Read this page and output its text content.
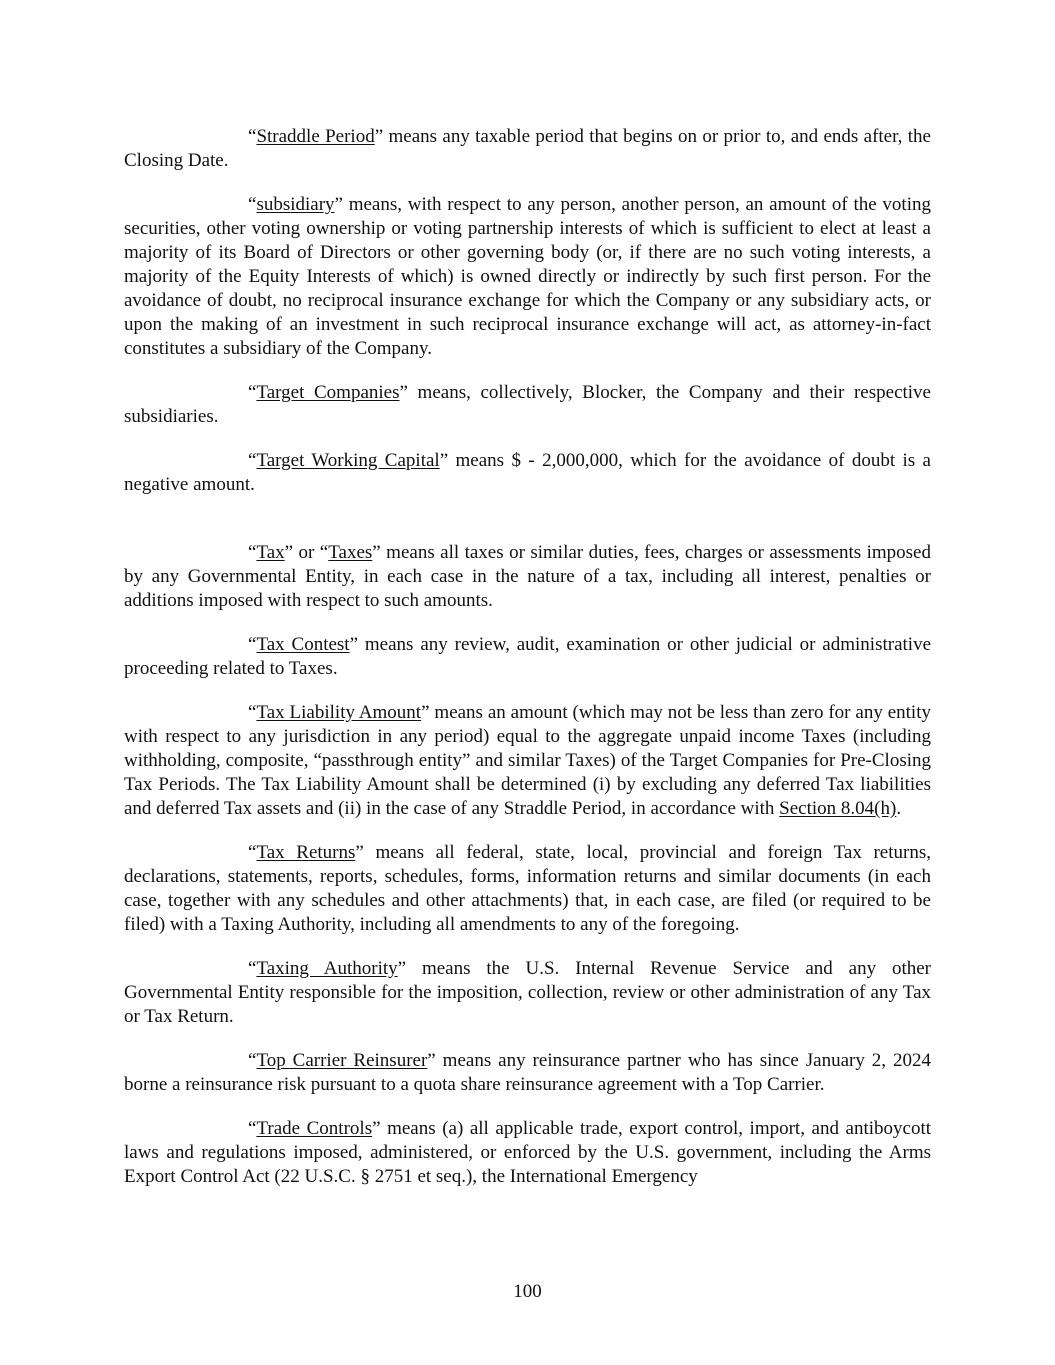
“Straddle Period” means any taxable period that begins on or prior to, and ends after, the Closing Date.

“subsidiary” means, with respect to any person, another person, an amount of the voting securities, other voting ownership or voting partnership interests of which is sufficient to elect at least a majority of its Board of Directors or other governing body (or, if there are no such voting interests, a majority of the Equity Interests of which) is owned directly or indirectly by such first person. For the avoidance of doubt, no reciprocal insurance exchange for which the Company or any subsidiary acts, or upon the making of an investment in such reciprocal insurance exchange will act, as attorney-in-fact constitutes a subsidiary of the Company.

“Target Companies” means, collectively, Blocker, the Company and their respective subsidiaries.

“Target Working Capital” means $ - 2,000,000, which for the avoidance of doubt is a negative amount.

“Tax” or “Taxes” means all taxes or similar duties, fees, charges or assessments imposed by any Governmental Entity, in each case in the nature of a tax, including all interest, penalties or additions imposed with respect to such amounts.

“Tax Contest” means any review, audit, examination or other judicial or administrative proceeding related to Taxes.

“Tax Liability Amount” means an amount (which may not be less than zero for any entity with respect to any jurisdiction in any period) equal to the aggregate unpaid income Taxes (including withholding, composite, “passthrough entity” and similar Taxes) of the Target Companies for Pre-Closing Tax Periods. The Tax Liability Amount shall be determined (i) by excluding any deferred Tax liabilities and deferred Tax assets and (ii) in the case of any Straddle Period, in accordance with Section 8.04(h).

“Tax Returns” means all federal, state, local, provincial and foreign Tax returns, declarations, statements, reports, schedules, forms, information returns and similar documents (in each case, together with any schedules and other attachments) that, in each case, are filed (or required to be filed) with a Taxing Authority, including all amendments to any of the foregoing.

“Taxing Authority” means the U.S. Internal Revenue Service and any other Governmental Entity responsible for the imposition, collection, review or other administration of any Tax or Tax Return.

“Top Carrier Reinsurer” means any reinsurance partner who has since January 2, 2024 borne a reinsurance risk pursuant to a quota share reinsurance agreement with a Top Carrier.

“Trade Controls” means (a) all applicable trade, export control, import, and antiboycott laws and regulations imposed, administered, or enforced by the U.S. government, including the Arms Export Control Act (22 U.S.C. § 2751 et seq.), the International Emergency

100
